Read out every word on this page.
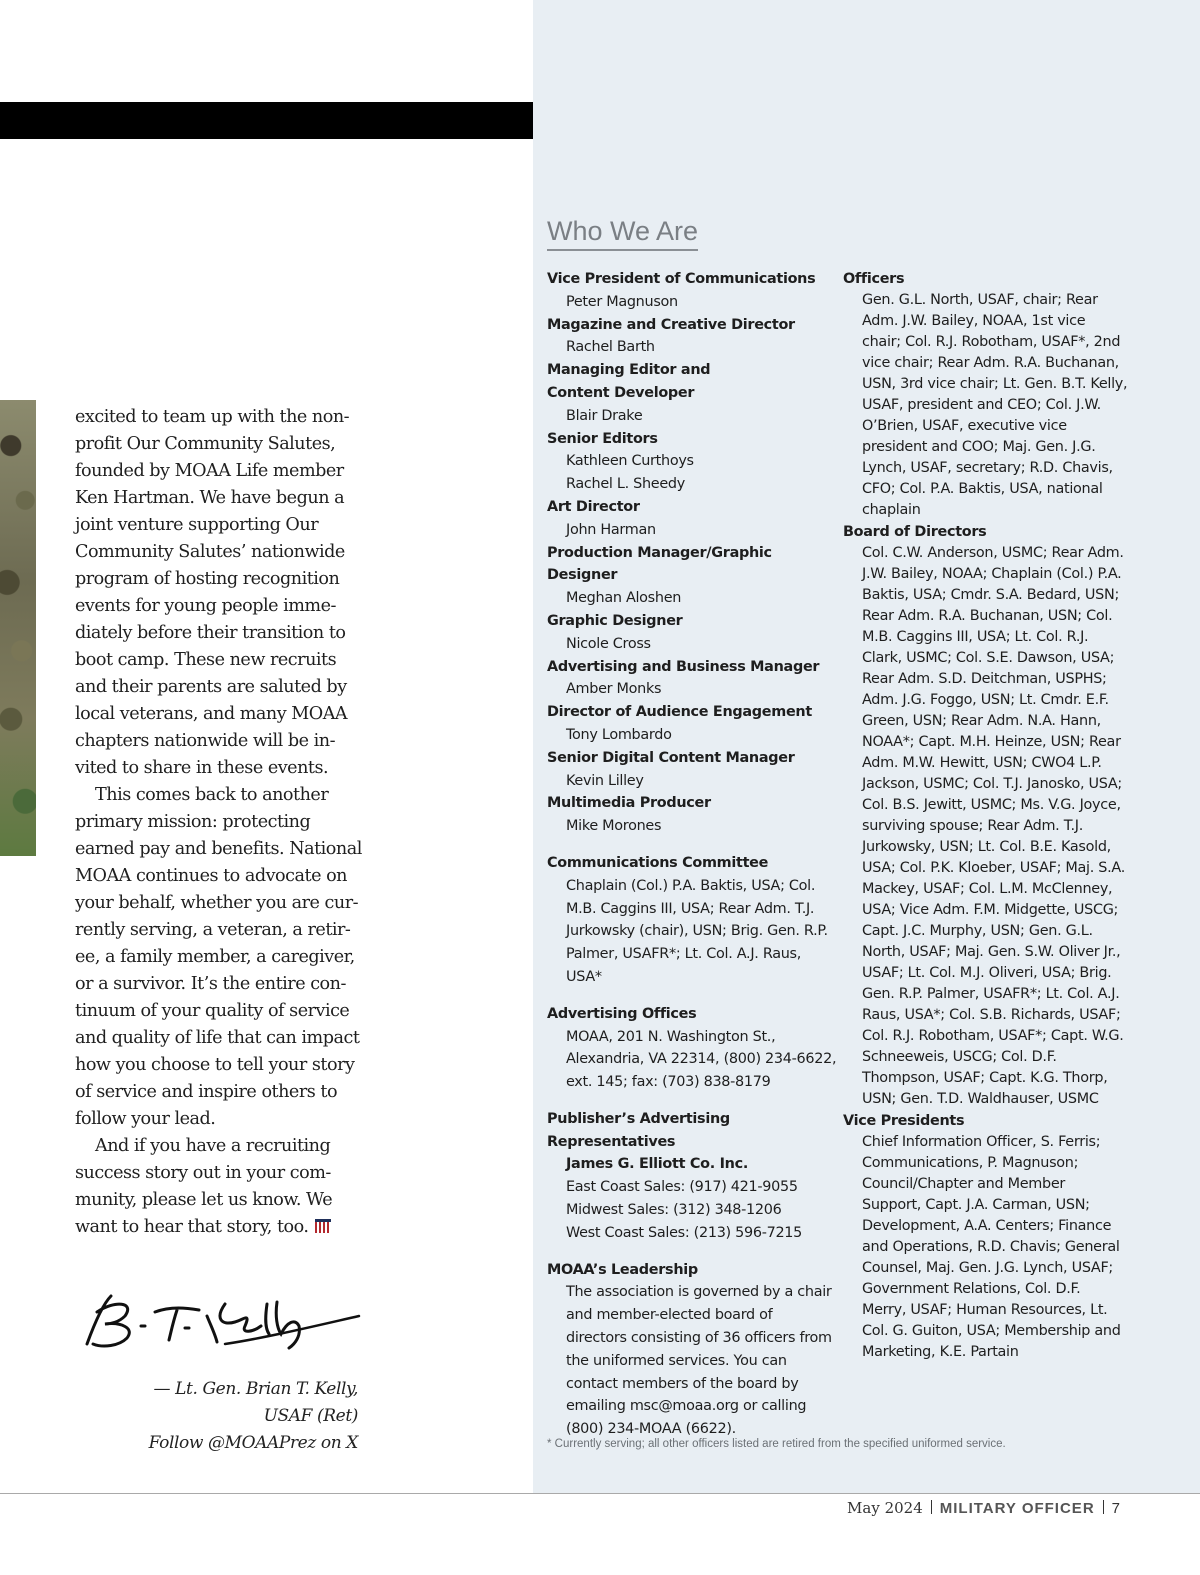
excited to team up with the non-profit Our Community Salutes, founded by MOAA Life member Ken Hartman. We have begun a joint venture supporting Our Community Salutes’ nationwide program of hosting recognition events for young people imme-diately before their transition to boot camp. These new recruits and their parents are saluted by local veterans, and many MOAA chapters nationwide will be in-vited to share in these events.

This comes back to another primary mission: protecting earned pay and benefits. National MOAA continues to advocate on your behalf, whether you are cur-rently serving, a veteran, a retir-ee, a family member, a caregiver, or a survivor. It’s the entire con-tinuum of your quality of service and quality of life that can impact how you choose to tell your story of service and inspire others to follow your lead.

And if you have a recruiting success story out in your com-munity, please let us know. We want to hear that story, too.

— Lt. Gen. Brian T. Kelly,
USAF (Ret)
Follow @MOAAPrez on X
Who We Are
Vice President of Communications
Peter Magnuson
Magazine and Creative Director
Rachel Barth
Managing Editor and Content Developer
Blair Drake
Senior Editors
Kathleen Curthoys
Rachel L. Sheedy
Art Director
John Harman
Production Manager/Graphic Designer
Meghan Aloshen
Graphic Designer
Nicole Cross
Advertising and Business Manager
Amber Monks
Director of Audience Engagement
Tony Lombardo
Senior Digital Content Manager
Kevin Lilley
Multimedia Producer
Mike Morones
Communications Committee
Chaplain (Col.) P.A. Baktis, USA; Col. M.B. Caggins III, USA; Rear Adm. T.J. Jurkowsky (chair), USN; Brig. Gen. R.P. Palmer, USAFR*; Lt. Col. A.J. Raus, USA*
Advertising Offices
MOAA, 201 N. Washington St., Alexandria, VA 22314, (800) 234-6622, ext. 145; fax: (703) 838-8179
Publisher’s Advertising Representatives
James G. Elliott Co. Inc.
East Coast Sales: (917) 421-9055
Midwest Sales: (312) 348-1206
West Coast Sales: (213) 596-7215
MOAA’s Leadership
The association is governed by a chair and member-elected board of directors consisting of 36 officers from the uniformed services. You can contact members of the board by emailing msc@moaa.org or calling (800) 234-MOAA (6622).
Officers
Gen. G.L. North, USAF, chair; Rear Adm. J.W. Bailey, NOAA, 1st vice chair; Col. R.J. Robotham, USAF*, 2nd vice chair; Rear Adm. R.A. Buchanan, USN, 3rd vice chair; Lt. Gen. B.T. Kelly, USAF, president and CEO; Col. J.W. O’Brien, USAF, executive vice president and COO; Maj. Gen. J.G. Lynch, USAF, secretary; R.D. Chavis, CFO; Col. P.A. Baktis, USA, national chaplain
Board of Directors
Col. C.W. Anderson, USMC; Rear Adm. J.W. Bailey, NOAA; Chaplain (Col.) P.A. Baktis, USA; Cmdr. S.A. Bedard, USN; Rear Adm. R.A. Buchanan, USN; Col. M.B. Caggins III, USA; Lt. Col. R.J. Clark, USMC; Col. S.E. Dawson, USA; Rear Adm. S.D. Deitchman, USPHS; Adm. J.G. Foggo, USN; Lt. Cmdr. E.F. Green, USN; Rear Adm. N.A. Hann, NOAA*; Capt. M.H. Heinze, USN; Rear Adm. M.W. Hewitt, USN; CWO4 L.P. Jackson, USMC; Col. T.J. Janosko, USA; Col. B.S. Jewitt, USMC; Ms. V.G. Joyce, surviving spouse; Rear Adm. T.J. Jurkowsky, USN; Lt. Col. B.E. Kasold, USA; Col. P.K. Kloeber, USAF; Maj. S.A. Mackey, USAF; Col. L.M. McClenney, USA; Vice Adm. F.M. Midgette, USCG; Capt. J.C. Murphy, USN; Gen. G.L. North, USAF; Maj. Gen. S.W. Oliver Jr., USAF; Lt. Col. M.J. Oliveri, USA; Brig. Gen. R.P. Palmer, USAFR*; Lt. Col. A.J. Raus, USA*; Col. S.B. Richards, USAF; Col. R.J. Robotham, USAF*; Capt. W.G. Schneeweis, USCG; Col. D.F. Thompson, USAF; Capt. K.G. Thorp, USN; Gen. T.D. Waldhauser, USMC
Vice Presidents
Chief Information Officer, S. Ferris; Communications, P. Magnuson; Council/Chapter and Member Support, Capt. J.A. Carman, USN; Development, A.A. Centers; Finance and Operations, R.D. Chavis; General Counsel, Maj. Gen. J.G. Lynch, USAF; Government Relations, Col. D.F. Merry, USAF; Human Resources, Lt. Col. G. Guiton, USA; Membership and Marketing, K.E. Partain
* Currently serving; all other officers listed are retired from the specified uniformed service.
May 2024 MILITARY OFFICER 7
